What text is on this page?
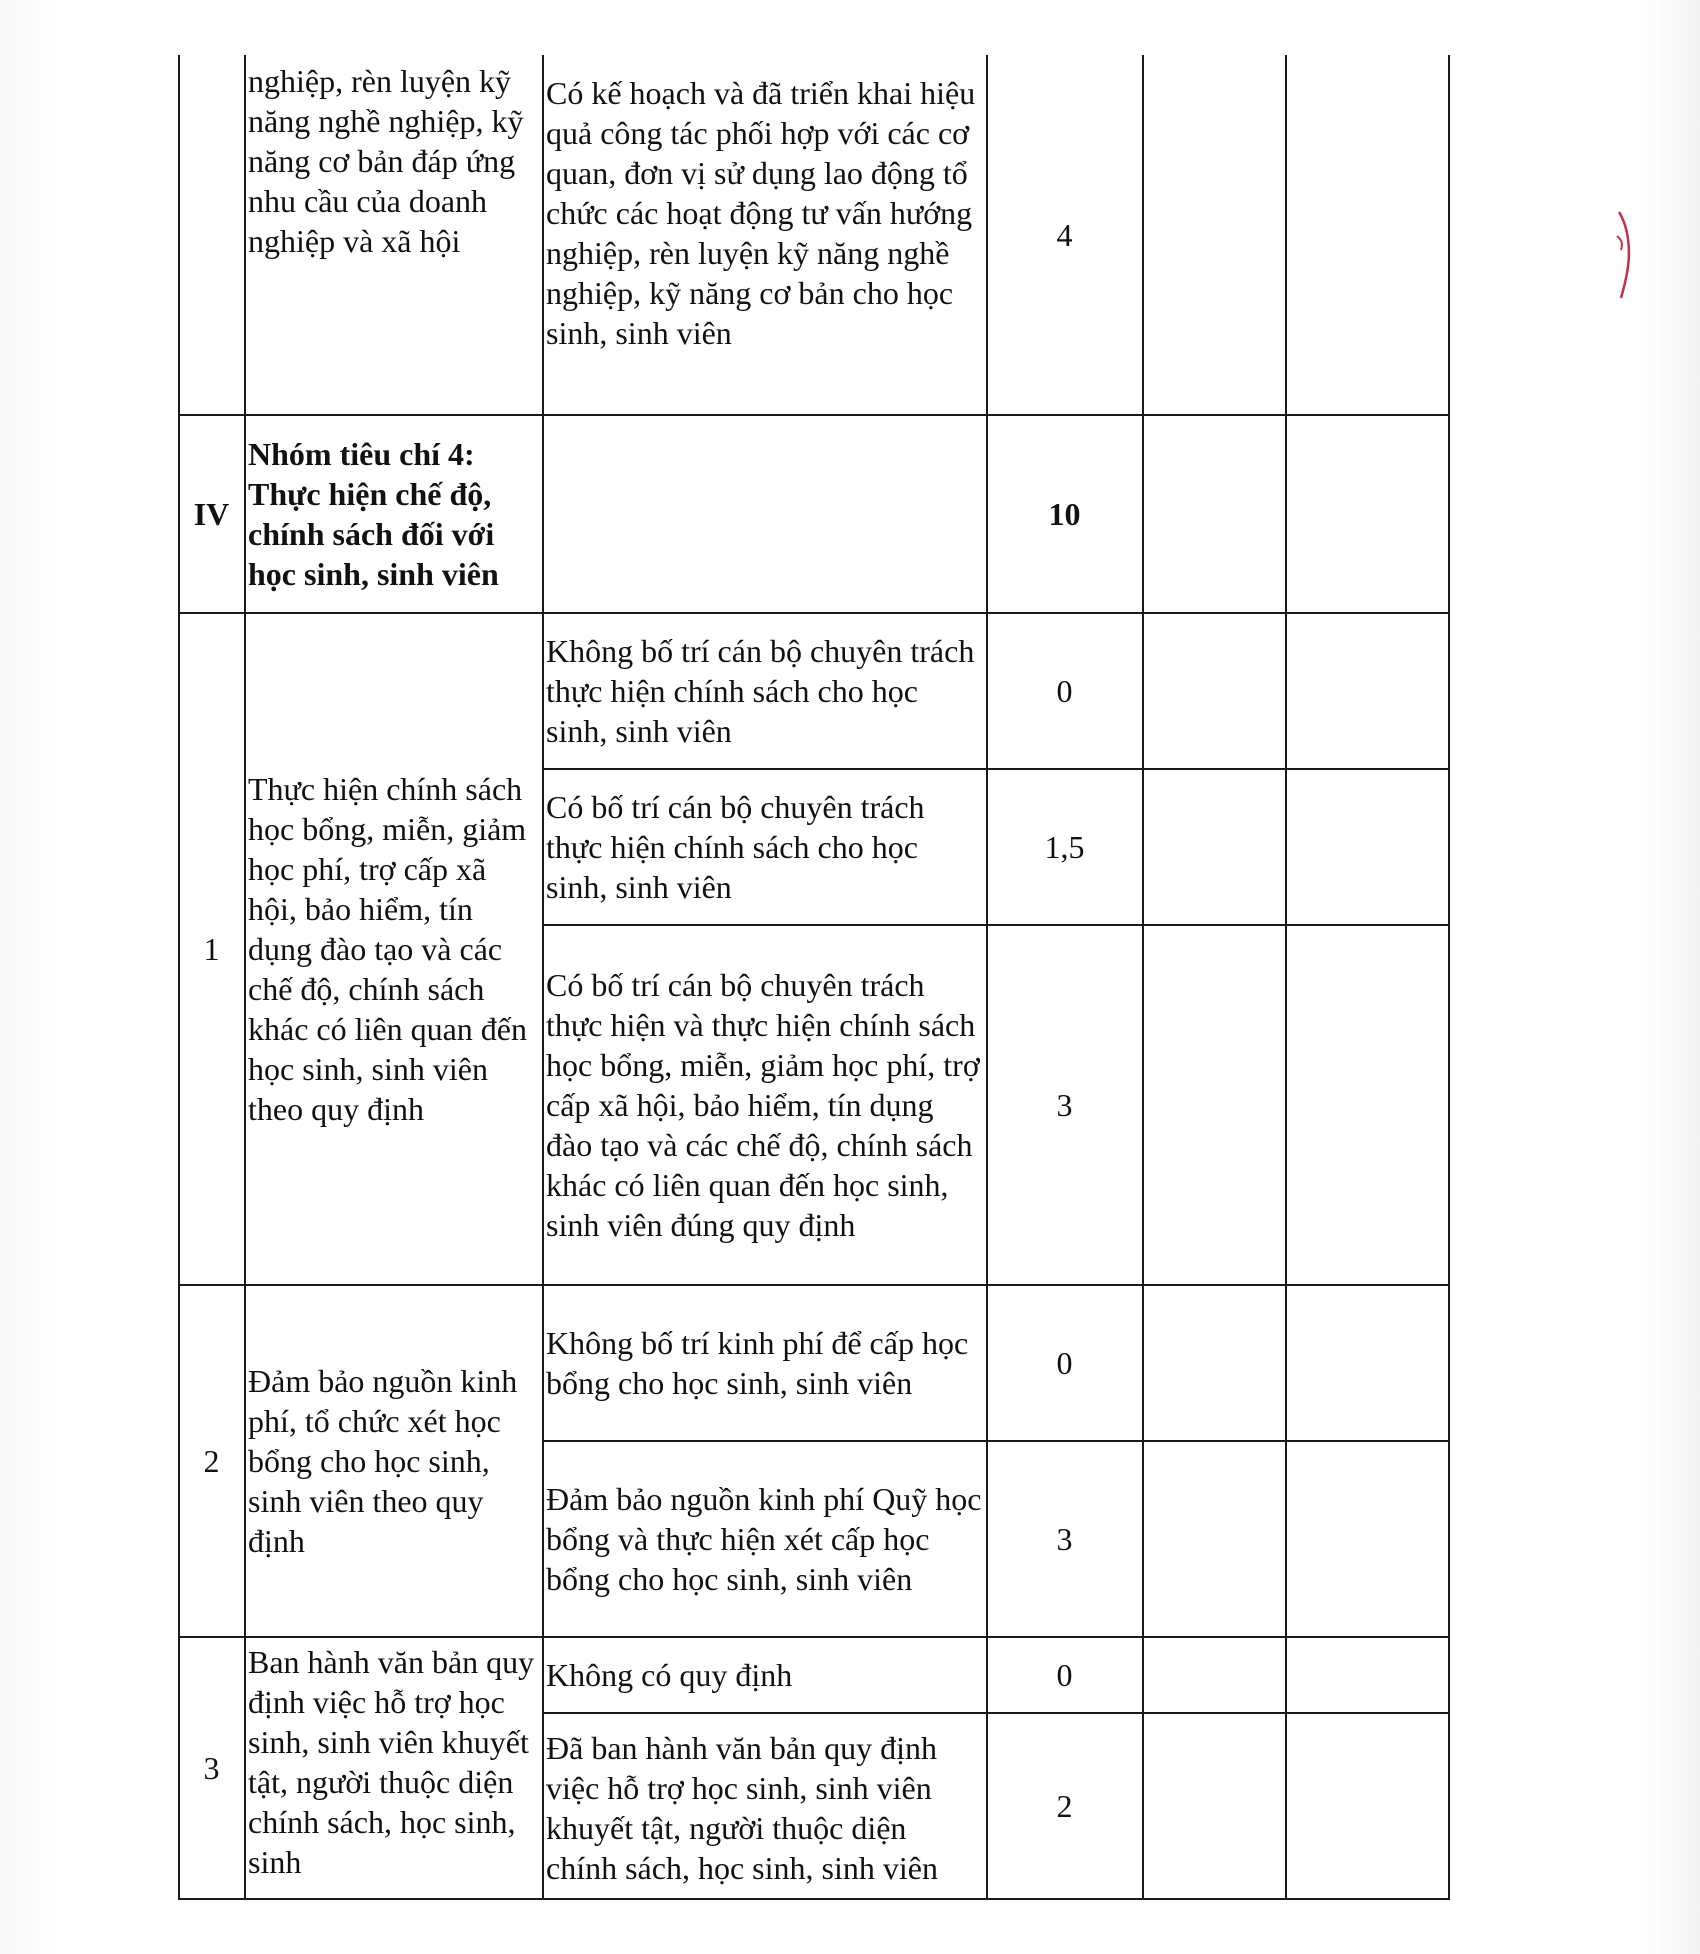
	nghiệp, rèn luyện kỹ năng nghề nghiệp, kỹ năng cơ bản đáp ứng nhu cầu của doanh nghiệp và xã hội	Có kế hoạch và đã triển khai hiệu quả công tác phối hợp với các cơ quan, đơn vị sử dụng lao động tổ chức các hoạt động tư vấn hướng nghiệp, rèn luyện kỹ năng nghề nghiệp, kỹ năng cơ bản cho học sinh, sinh viên	4		
IV	Nhóm tiêu chí 4: Thực hiện chế độ, chính sách đối với học sinh, sinh viên		10		
1	Thực hiện chính sách học bổng, miễn, giảm học phí, trợ cấp xã hội, bảo hiểm, tín dụng đào tạo và các chế độ, chính sách khác có liên quan đến học sinh, sinh viên theo quy định	Không bố trí cán bộ chuyên trách thực hiện chính sách cho học sinh, sinh viên	0		
		Có bố trí cán bộ chuyên trách thực hiện chính sách cho học sinh, sinh viên	1,5		
		Có bố trí cán bộ chuyên trách thực hiện và thực hiện chính sách học bổng, miễn, giảm học phí, trợ cấp xã hội, bảo hiểm, tín dụng đào tạo và các chế độ, chính sách khác có liên quan đến học sinh, sinh viên đúng quy định	3		
2	Đảm bảo nguồn kinh phí, tổ chức xét học bổng cho học sinh, sinh viên theo quy định	Không bố trí kinh phí để cấp học bổng cho học sinh, sinh viên	0		
		Đảm bảo nguồn kinh phí Quỹ học bổng và thực hiện xét cấp học bổng cho học sinh, sinh viên	3		
3	Ban hành văn bản quy định việc hỗ trợ học sinh, sinh viên khuyết tật, người thuộc diện chính sách, học sinh, sinh	Không có quy định	0		
		Đã ban hành văn bản quy định việc hỗ trợ học sinh, sinh viên khuyết tật, người thuộc diện chính sách, học sinh, sinh viên	2		
